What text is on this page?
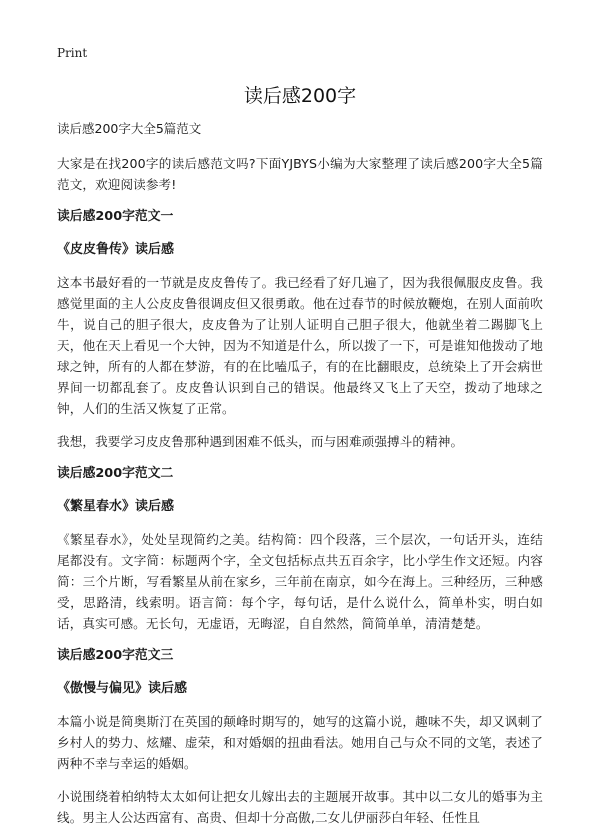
Print
读后感200字
读后感200字大全5篇范文

大家是在找200字的读后感范文吗?下面YJBYS小编为大家整理了读后感200字大全5篇范文，欢迎阅读参考!

读后感200字范文一
《皮皮鲁传》读后感

这本书最好看的一节就是皮皮鲁传了。我已经看了好几遍了，因为我很佩服皮皮鲁。我感觉里面的主人公皮皮鲁很调皮但又很勇敢。他在过春节的时候放鞭炮，在别人面前吹牛，说自己的胆子很大，皮皮鲁为了让别人证明自己胆子很大，他就坐着二踢脚飞上天，他在天上看见一个大钟，因为不知道是什么，所以拨了一下，可是谁知他拨动了地球之钟，所有的人都在梦游，有的在比嗑瓜子，有的在比翻眼皮，总统染上了开会病世界间一切都乱套了。皮皮鲁认识到自己的错误。他最终又飞上了天空，拨动了地球之钟，人们的生活又恢复了正常。

我想，我要学习皮皮鲁那种遇到困难不低头，而与困难顽强搏斗的精神。

读后感200字范文二
《繁星春水》读后感

《繁星春水》，处处呈现简约之美。结构简：四个段落，三个层次，一句话开头，连结尾都没有。文字简：标题两个字，全文包括标点共五百余字，比小学生作文还短。内容简：三个片断，写看繁星从前在家乡，三年前在南京，如今在海上。三种经历，三种感受，思路清，线索明。语言简：每个字，每句话，是什么说什么，简单朴实，明白如话，真实可感。无长句，无虚语，无晦涩，自自然然，简简单单，清清楚楚。

读后感200字范文三
《傲慢与偏见》读后感

本篇小说是简奥斯汀在英国的颠峰时期写的，她写的这篇小说，趣味不失，却又讽刺了乡村人的势力、炫耀、虚荣，和对婚姻的扭曲看法。她用自己与众不同的文笔，表述了两种不幸与幸运的婚姻。

小说围绕着柏纳特太太如何让把女儿嫁出去的主题展开故事。其中以二女儿的婚事为主线。男主人公达西富有、高贵、但却十分高傲,二女儿伊丽莎白年轻、任性且
